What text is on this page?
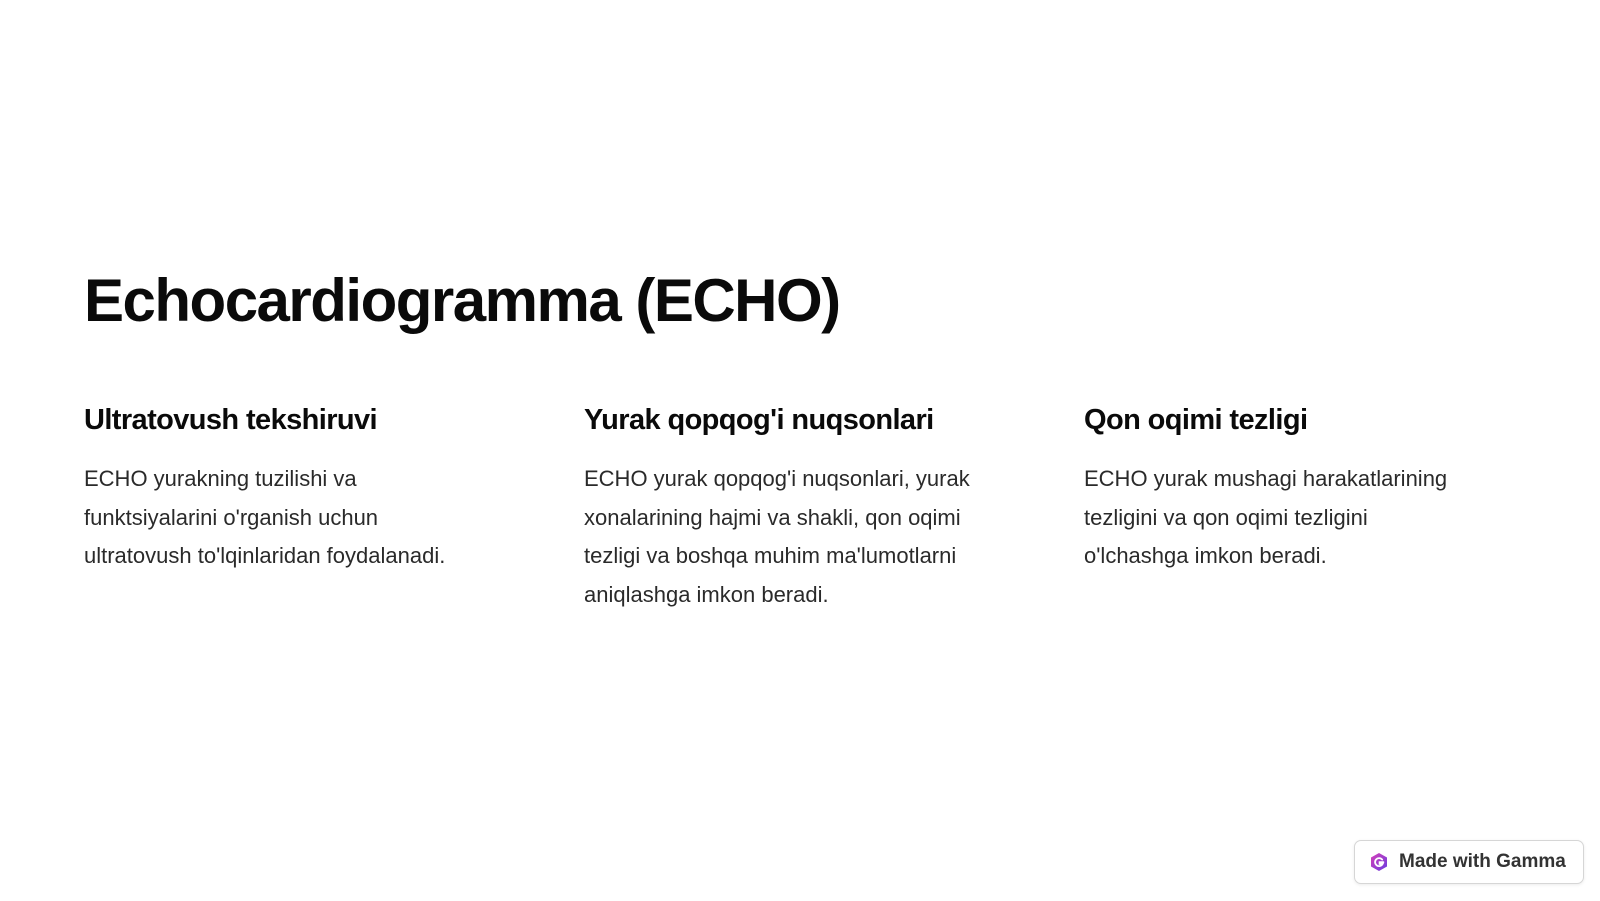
Echocardiogramma (ECHO)
Ultratovush tekshiruvi

ECHO yurakning tuzilishi va
funktsiyalarini o'rganish uchun
ultratovush to'lqinlaridan foydalanadi.

Yurak qopqog'i nuqsonlari

ECHO yurak qopqog'i nuqsonlari, yurak
xonalarining hajmi va shakli, qon oqimi
tezligi va boshqa muhim ma'lumotlarni
aniqlashga imkon beradi.

Qon oqimi tezligi

ECHO yurak mushagi harakatlarining
tezligini va qon oqimi tezligini
o'lchashga imkon beradi.

Made with Gamma
